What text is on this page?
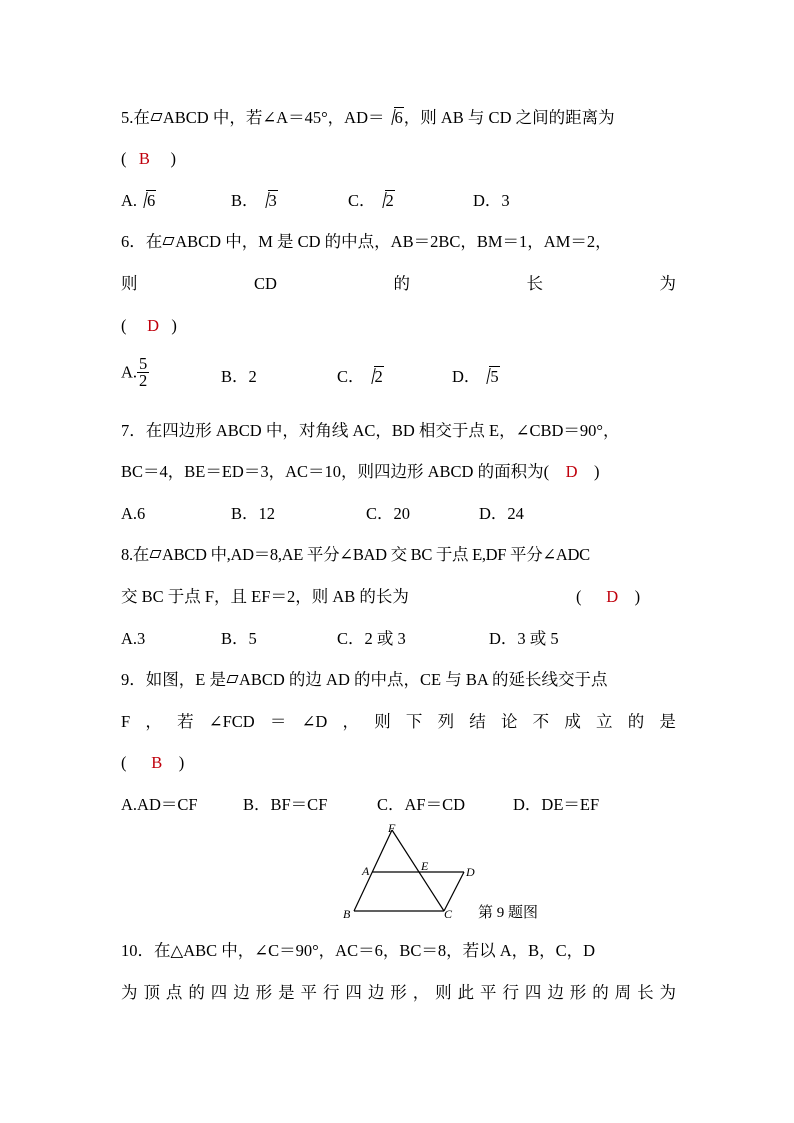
5.在 ABCD 中，若∠A＝45°，AD＝ 6，则 AB 与 CD 之间的距离为
( B )
A. 6	B． 3	C． 2	D．3
6．在 ABCD 中，M 是 CD 的中点，AB＝2BC，BM＝1，AM＝2，
则	CD	的	长	为
( D )
A. $\frac{5}{2}$	B．2	C． 2	D． 5
7．在四边形 ABCD 中，对角线 AC，BD 相交于点 E，∠CBD＝90°，
BC＝4，BE＝ED＝3，AC＝10，则四边形 ABCD 的面积为( D )
A.6	B．12	C．20	D．24
8.在 ABCD 中,AD＝8,AE 平分∠BAD 交 BC 于点 E,DF 平分∠ADC
交 BC 于点 F，且 EF＝2，则 AB 的长为	( D )
A.3	B．5	C．2 或 3	D．3 或 5
9．如图，E 是 ABCD 的边 AD 的中点，CE 与 BA 的延长线交于点
F ， 若 ∠FCD ＝ ∠D ， 则 下 列 结 论 不 成 立 的 是
( B )
A.AD＝CF	B．BF＝CF	C．AF＝CD	D．DE＝EF
F
A	E	D
B	C 第 9 题图
10．在△ABC 中，∠C＝90°，AC＝6，BC＝8，若以 A，B，C，D
为 顶 点 的 四 边 形 是 平 行 四 边 形 ， 则 此 平 行 四 边 形 的 周 长 为
